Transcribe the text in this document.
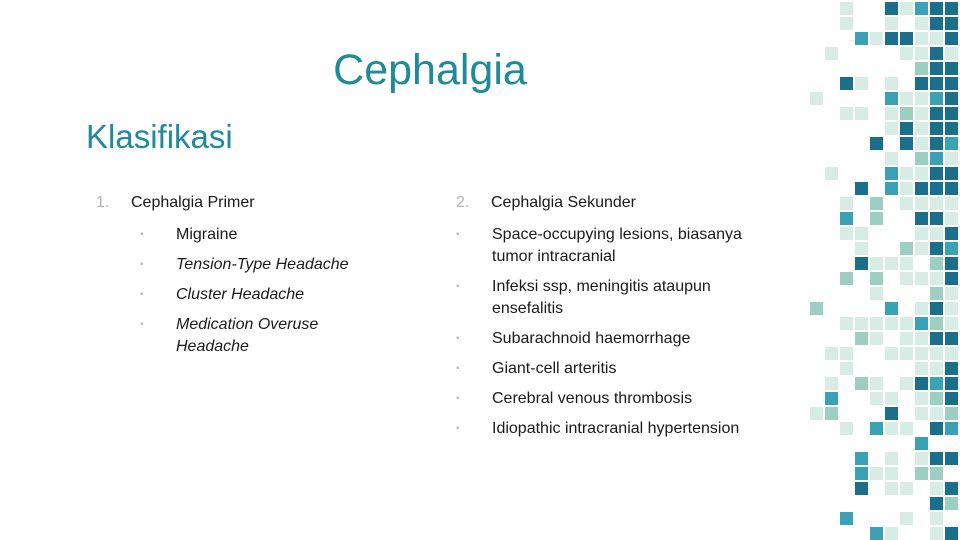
Cephalgia
Klasifikasi
1.	Cephalgia Primer
▪	Migraine
▪	Tension-Type Headache
▪	Cluster Headache
▪	Medication Overuse Headache
2.	Cephalgia Sekunder
▪	Space-occupying lesions, biasanya tumor intracranial
▪	Infeksi ssp, meningitis ataupun ensefalitis
▪	Subarachnoid haemorrhage
▪	Giant-cell arteritis
▪	Cerebral venous thrombosis
▪	Idiopathic intracranial hypertension
